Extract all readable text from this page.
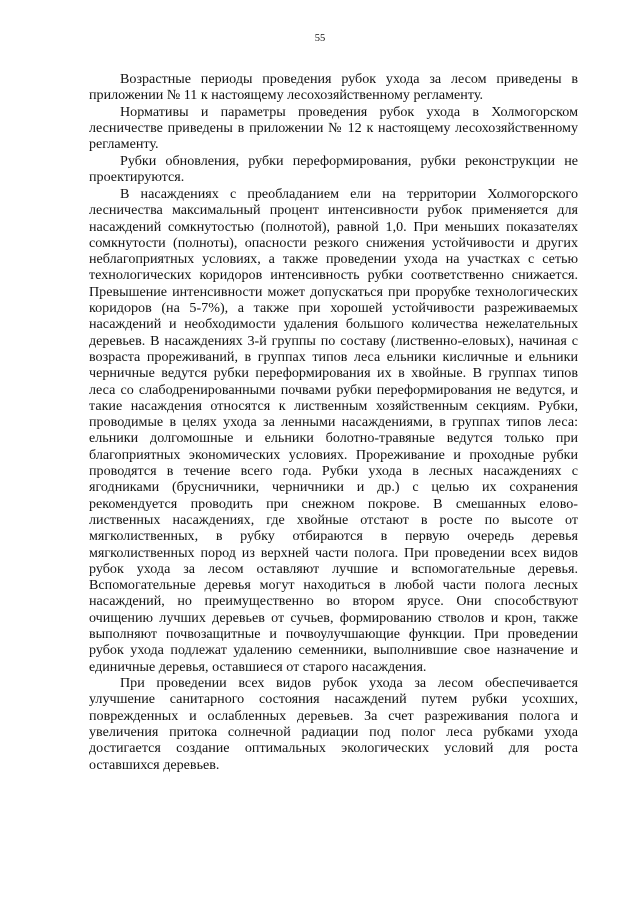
55

Возрастные периоды проведения рубок ухода за лесом приведены в приложении № 11 к настоящему лесохозяйственному регламенту.

Нормативы и параметры проведения рубок ухода в Холмогорском лесничестве приведены в приложении № 12 к настоящему лесохозяйственному регламенту.

Рубки обновления, рубки переформирования, рубки реконструкции не проектируются.

В насаждениях с преобладанием ели на территории Холмогорского лесничества максимальный процент интенсивности рубок применяется для насаждений сомкнутостью (полнотой), равной 1,0. При меньших показателях сомкнутости (полноты), опасности резкого снижения устойчивости и других неблагоприятных условиях, а также проведении ухода на участках с сетью технологических коридоров интенсивность рубки соответственно снижается. Превышение интенсивности может допускаться при прорубке технологических коридоров (на 5-7%), а также при хорошей устойчивости разреживаемых насаждений и необходимости удаления большого количества нежелательных деревьев. В насаждениях 3-й группы по составу (лиственно-еловых), начиная с возраста прореживаний, в группах типов леса ельники кисличные и ельники черничные ведутся рубки переформирования их в хвойные. В группах типов леса со слабодренированными почвами рубки переформирования не ведутся, и такие насаждения относятся к лиственным хозяйственным секциям. Рубки, проводимые в целях ухода за ленными насаждениями, в группах типов леса: ельники долгомошные и ельники болотно-травяные ведутся только при благоприятных экономических условиях. Прореживание и проходные рубки проводятся в течение всего года. Рубки ухода в лесных насаждениях с ягодниками (брусничники, черничники и др.) с целью их сохранения рекомендуется проводить при снежном покрове. В смешанных елово-лиственных насаждениях, где хвойные отстают в росте по высоте от мягколиственных, в рубку отбираются в первую очередь деревья мягколиственных пород из верхней части полога. При проведении всех видов рубок ухода за лесом оставляют лучшие и вспомогательные деревья. Вспомогательные деревья могут находиться в любой части полога лесных насаждений, но преимущественно во втором ярусе. Они способствуют очищению лучших деревьев от сучьев, формированию стволов и крон, также выполняют почвозащитные и почвоулучшающие функции. При проведении рубок ухода подлежат удалению семенники, выполнившие свое назначение и единичные деревья, оставшиеся от старого насаждения.

При проведении всех видов рубок ухода за лесом обеспечивается улучшение санитарного состояния насаждений путем рубки усохших, поврежденных и ослабленных деревьев. За счет разреживания полога и увеличения притока солнечной радиации под полог леса рубками ухода достигается создание оптимальных экологических условий для роста оставшихся деревьев.
